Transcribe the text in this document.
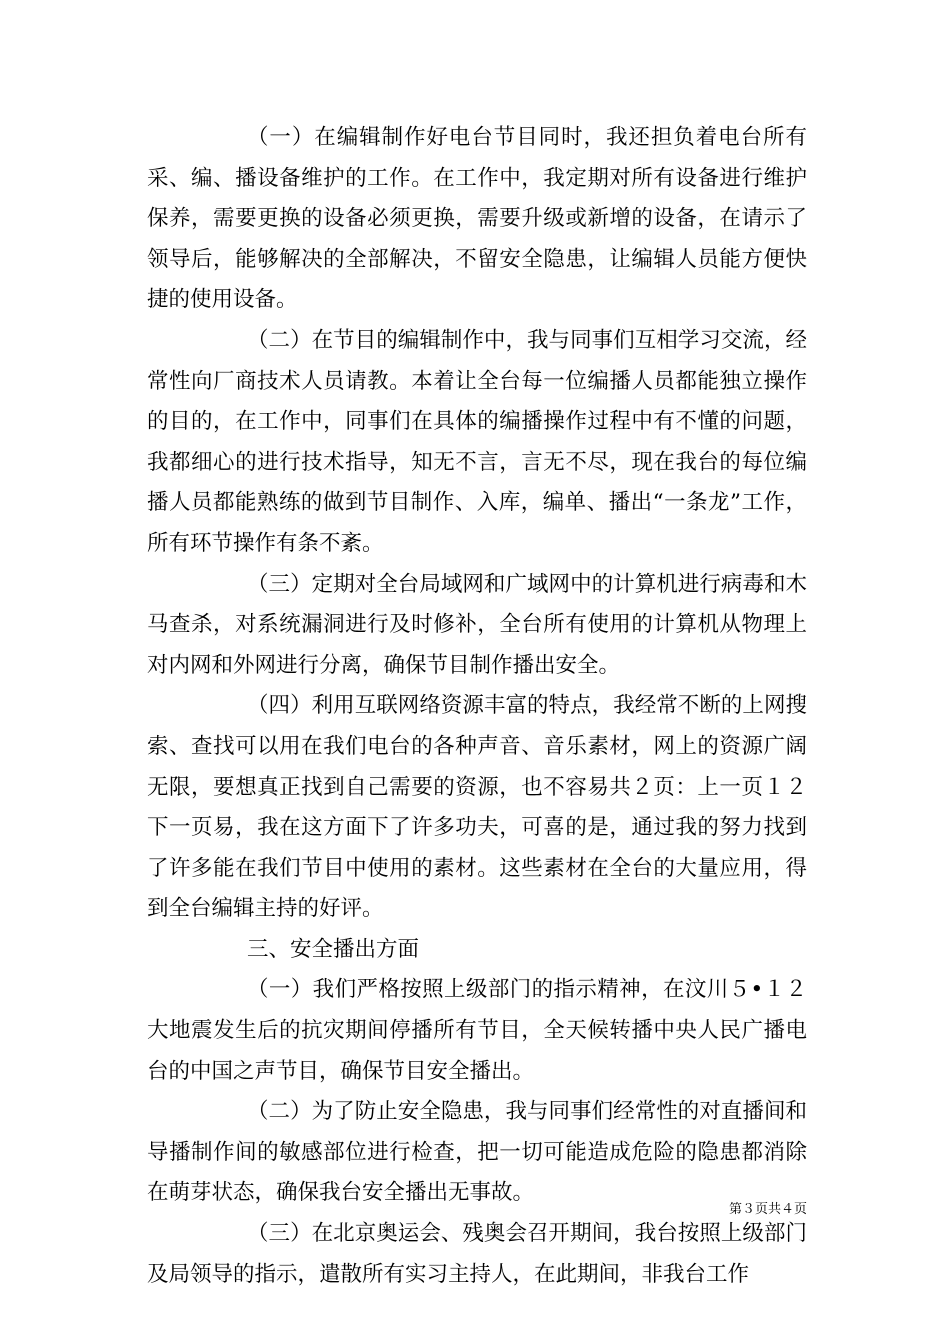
（一）在编辑制作好电台节目同时，我还担负着电台所有采、编、播设备维护的工作。在工作中，我定期对所有设备进行维护保养，需要更换的设备必须更换，需要升级或新增的设备，在请示了领导后，能够解决的全部解决，不留安全隐患，让编辑人员能方便快捷的使用设备。

（二）在节目的编辑制作中，我与同事们互相学习交流，经常性向厂商技术人员请教。本着让全台每一位编播人员都能独立操作的目的，在工作中，同事们在具体的编播操作过程中有不懂的问题，我都细心的进行技术指导，知无不言，言无不尽，现在我台的每位编播人员都能熟练的做到节目制作、入库，编单、播出“一条龙”工作，所有环节操作有条不紊。

（三）定期对全台局域网和广域网中的计算机进行病毒和木马查杀，对系统漏洞进行及时修补，全台所有使用的计算机从物理上对内网和外网进行分离，确保节目制作播出安全。

（四）利用互联网络资源丰富的特点，我经常不断的上网搜索、查找可以用在我们电台的各种声音、音乐素材，网上的资源广阔无限，要想真正找到自己需要的资源，也不容易共２页：上一页１２下一页易，我在这方面下了许多功夫，可喜的是，通过我的努力找到了许多能在我们节目中使用的素材。这些素材在全台的大量应用，得到全台编辑主持的好评。

三、安全播出方面

（一）我们严格按照上级部门的指示精神，在汶川５•１２大地震发生后的抗灾期间停播所有节目，全天候转播中央人民广播电台的中国之声节目，确保节目安全播出。

（二）为了防止安全隐患，我与同事们经常性的对直播间和导播制作间的敏感部位进行检查，把一切可能造成危险的隐患都消除在萌芽状态，确保我台安全播出无事故。

（三）在北京奥运会、残奥会召开期间，我台按照上级部门及局领导的指示，遣散所有实习主持人，在此期间，非我台工作

第３页共４页
